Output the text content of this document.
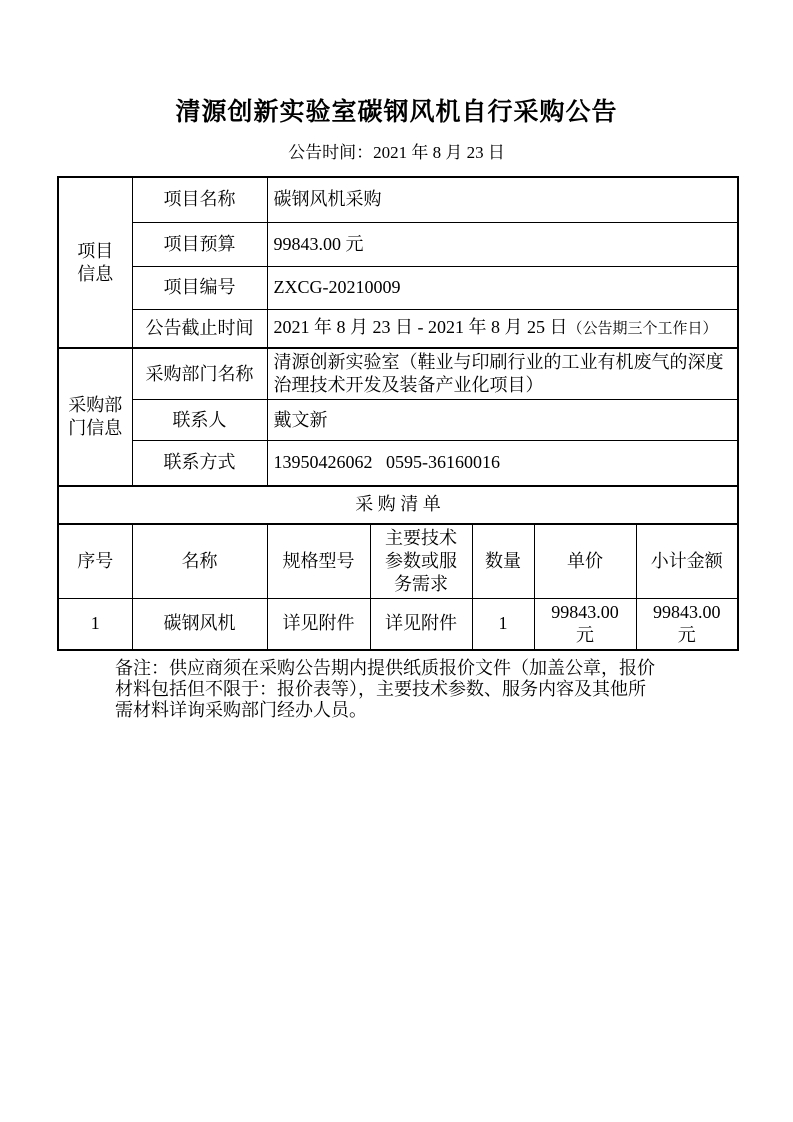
清源创新实验室碳钢风机自行采购公告
公告时间：2021 年 8 月 23 日
项目
信息	项目名称	碳钢风机采购				
	项目预算	99843.00 元				
	项目编号	ZXCG-20210009				
	公告截止时间	2021 年 8 月 23 日 - 2021 年 8 月 25 日（公告期三个工作日）				

采购部
门信息	采购部门名称	清源创新实验室（鞋业与印刷行业的工业有机废气的深度治理技术开发及装备产业化项目）				
	联系人	戴文新				
	联系方式	13950426062   0595-36160016				
采 购 清 单						
序号	名称	规格型号	主要技术参数或服务需求	数量	单价	小计金额
1	碳钢风机	详见附件	详见附件	1	99843.00 元	99843.00 元
备注：供应商须在采购公告期内提供纸质报价文件（加盖公章，报价
材料包括但不限于：报价表等），主要技术参数、服务内容及其他所
需材料详询采购部门经办人员。
